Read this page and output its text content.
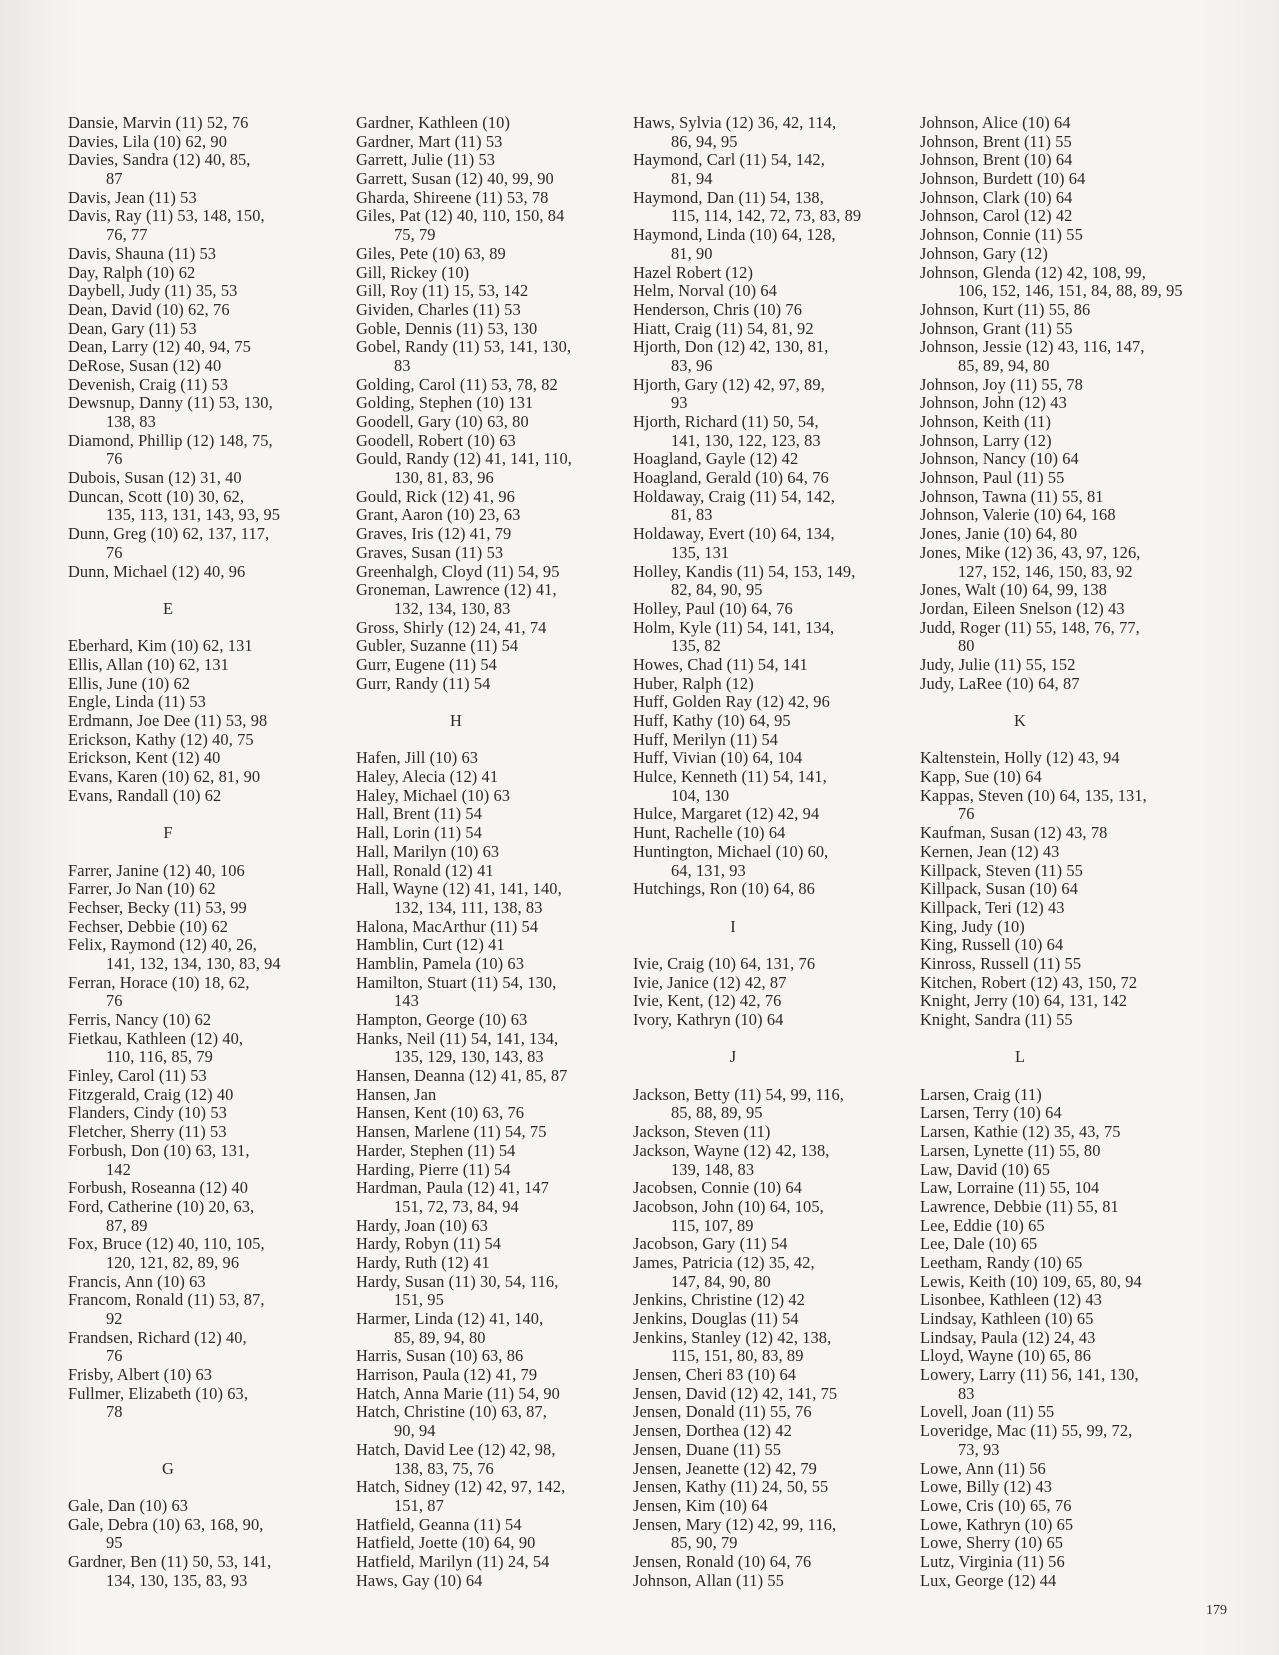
Dansie, Marvin (11) 52, 76
Davies, Lila (10) 62, 90
Davies, Sandra (12) 40, 85,
87
Davis, Jean (11) 53
Davis, Ray (11) 53, 148, 150,
76, 77
Davis, Shauna (11) 53
Day, Ralph (10) 62
Daybell, Judy (11) 35, 53
Dean, David (10) 62, 76
Dean, Gary (11) 53
Dean, Larry (12) 40, 94, 75
DeRose, Susan (12) 40
Devenish, Craig (11) 53
Dewsnup, Danny (11) 53, 130,
138, 83
Diamond, Phillip (12) 148, 75,
76
Dubois, Susan (12) 31, 40
Duncan, Scott (10) 30, 62,
135, 113, 131, 143, 93, 95
Dunn, Greg (10) 62, 137, 117,
76
Dunn, Michael (12) 40, 96
E
Eberhard, Kim (10) 62, 131
Ellis, Allan (10) 62, 131
Ellis, June (10) 62
Engle, Linda (11) 53
Erdmann, Joe Dee (11) 53, 98
Erickson, Kathy (12) 40, 75
Erickson, Kent (12) 40
Evans, Karen (10) 62, 81, 90
Evans, Randall (10) 62
F
Farrer, Janine (12) 40, 106
Farrer, Jo Nan (10) 62
Fechser, Becky (11) 53, 99
Fechser, Debbie (10) 62
Felix, Raymond (12) 40, 26,
141, 132, 134, 130, 83, 94
Ferran, Horace (10) 18, 62,
76
Ferris, Nancy (10) 62
Fietkau, Kathleen (12) 40,
110, 116, 85, 79
Finley, Carol (11) 53
Fitzgerald, Craig (12) 40
Flanders, Cindy (10) 53
Fletcher, Sherry (11) 53
Forbush, Don (10) 63, 131,
142
Forbush, Roseanna (12) 40
Ford, Catherine (10) 20, 63,
87, 89
Fox, Bruce (12) 40, 110, 105,
120, 121, 82, 89, 96
Francis, Ann (10) 63
Francom, Ronald (11) 53, 87,
92
Frandsen, Richard (12) 40,
76
Frisby, Albert (10) 63
Fullmer, Elizabeth (10) 63,
78
G
Gale, Dan (10) 63
Gale, Debra (10) 63, 168, 90,
95
Gardner, Ben (11) 50, 53, 141,
134, 130, 135, 83, 93
Gardner, Kathleen (10)
Gardner, Mart (11) 53
Garrett, Julie (11) 53
Garrett, Susan (12) 40, 99, 90
Gharda, Shireene (11) 53, 78
Giles, Pat (12) 40, 110, 150, 84
75, 79
Giles, Pete (10) 63, 89
Gill, Rickey (10)
Gill, Roy (11) 15, 53, 142
Gividen, Charles (11) 53
Goble, Dennis (11) 53, 130
Gobel, Randy (11) 53, 141, 130,
83
Golding, Carol (11) 53, 78, 82
Golding, Stephen (10) 131
Goodell, Gary (10) 63, 80
Goodell, Robert (10) 63
Gould, Randy (12) 41, 141, 110,
130, 81, 83, 96
Gould, Rick (12) 41, 96
Grant, Aaron (10) 23, 63
Graves, Iris (12) 41, 79
Graves, Susan (11) 53
Greenhalgh, Cloyd (11) 54, 95
Groneman, Lawrence (12) 41,
132, 134, 130, 83
Gross, Shirly (12) 24, 41, 74
Gubler, Suzanne (11) 54
Gurr, Eugene (11) 54
Gurr, Randy (11) 54
H
Hafen, Jill (10) 63
Haley, Alecia (12) 41
Haley, Michael (10) 63
Hall, Brent (11) 54
Hall, Lorin (11) 54
Hall, Marilyn (10) 63
Hall, Ronald (12) 41
Hall, Wayne (12) 41, 141, 140,
132, 134, 111, 138, 83
Halona, MacArthur (11) 54
Hamblin, Curt (12) 41
Hamblin, Pamela (10) 63
Hamilton, Stuart (11) 54, 130,
143
Hampton, George (10) 63
Hanks, Neil (11) 54, 141, 134,
135, 129, 130, 143, 83
Hansen, Deanna (12) 41, 85, 87
Hansen, Jan
Hansen, Kent (10) 63, 76
Hansen, Marlene (11) 54, 75
Harder, Stephen (11) 54
Harding, Pierre (11) 54
Hardman, Paula (12) 41, 147
151, 72, 73, 84, 94
Hardy, Joan (10) 63
Hardy, Robyn (11) 54
Hardy, Ruth (12) 41
Hardy, Susan (11) 30, 54, 116,
151, 95
Harmer, Linda (12) 41, 140,
85, 89, 94, 80
Harris, Susan (10) 63, 86
Harrison, Paula (12) 41, 79
Hatch, Anna Marie (11) 54, 90
Hatch, Christine (10) 63, 87,
90, 94
Hatch, David Lee (12) 42, 98,
138, 83, 75, 76
Hatch, Sidney (12) 42, 97, 142,
151, 87
Hatfield, Geanna (11) 54
Hatfield, Joette (10) 64, 90
Hatfield, Marilyn (11) 24, 54
Haws, Gay (10) 64
Haws, Sylvia (12) 36, 42, 114,
86, 94, 95
Haymond, Carl (11) 54, 142,
81, 94
Haymond, Dan (11) 54, 138,
115, 114, 142, 72, 73, 83, 89
Haymond, Linda (10) 64, 128,
81, 90
Hazel Robert (12)
Helm, Norval (10) 64
Henderson, Chris (10) 76
Hiatt, Craig (11) 54, 81, 92
Hjorth, Don (12) 42, 130, 81,
83, 96
Hjorth, Gary (12) 42, 97, 89,
93
Hjorth, Richard (11) 50, 54,
141, 130, 122, 123, 83
Hoagland, Gayle (12) 42
Hoagland, Gerald (10) 64, 76
Holdaway, Craig (11) 54, 142,
81, 83
Holdaway, Evert (10) 64, 134,
135, 131
Holley, Kandis (11) 54, 153, 149,
82, 84, 90, 95
Holley, Paul (10) 64, 76
Holm, Kyle (11) 54, 141, 134,
135, 82
Howes, Chad (11) 54, 141
Huber, Ralph (12)
Huff, Golden Ray (12) 42, 96
Huff, Kathy (10) 64, 95
Huff, Merilyn (11) 54
Huff, Vivian (10) 64, 104
Hulce, Kenneth (11) 54, 141,
104, 130
Hulce, Margaret (12) 42, 94
Hunt, Rachelle (10) 64
Huntington, Michael (10) 60,
64, 131, 93
Hutchings, Ron (10) 64, 86
I
Ivie, Craig (10) 64, 131, 76
Ivie, Janice (12) 42, 87
Ivie, Kent, (12) 42, 76
Ivory, Kathryn (10) 64
J
Jackson, Betty (11) 54, 99, 116,
85, 88, 89, 95
Jackson, Steven (11)
Jackson, Wayne (12) 42, 138,
139, 148, 83
Jacobsen, Connie (10) 64
Jacobson, John (10) 64, 105,
115, 107, 89
Jacobson, Gary (11) 54
James, Patricia (12) 35, 42,
147, 84, 90, 80
Jenkins, Christine (12) 42
Jenkins, Douglas (11) 54
Jenkins, Stanley (12) 42, 138,
115, 151, 80, 83, 89
Jensen, Cheri 83 (10) 64
Jensen, David (12) 42, 141, 75
Jensen, Donald (11) 55, 76
Jensen, Dorthea (12) 42
Jensen, Duane (11) 55
Jensen, Jeanette (12) 42, 79
Jensen, Kathy (11) 24, 50, 55
Jensen, Kim (10) 64
Jensen, Mary (12) 42, 99, 116,
85, 90, 79
Jensen, Ronald (10) 64, 76
Johnson, Allan (11) 55
Johnson, Alice (10) 64
Johnson, Brent (11) 55
Johnson, Brent (10) 64
Johnson, Burdett (10) 64
Johnson, Clark (10) 64
Johnson, Carol (12) 42
Johnson, Connie (11) 55
Johnson, Gary (12)
Johnson, Glenda (12) 42, 108, 99,
106, 152, 146, 151, 84, 88, 89, 95
Johnson, Kurt (11) 55, 86
Johnson, Grant (11) 55
Johnson, Jessie (12) 43, 116, 147,
85, 89, 94, 80
Johnson, Joy (11) 55, 78
Johnson, John (12) 43
Johnson, Keith (11)
Johnson, Larry (12)
Johnson, Nancy (10) 64
Johnson, Paul (11) 55
Johnson, Tawna (11) 55, 81
Johnson, Valerie (10) 64, 168
Jones, Janie (10) 64, 80
Jones, Mike (12) 36, 43, 97, 126,
127, 152, 146, 150, 83, 92
Jones, Walt (10) 64, 99, 138
Jordan, Eileen Snelson (12) 43
Judd, Roger (11) 55, 148, 76, 77,
80
Judy, Julie (11) 55, 152
Judy, LaRee (10) 64, 87
K
Kaltenstein, Holly (12) 43, 94
Kapp, Sue (10) 64
Kappas, Steven (10) 64, 135, 131,
76
Kaufman, Susan (12) 43, 78
Kernen, Jean (12) 43
Killpack, Steven (11) 55
Killpack, Susan (10) 64
Killpack, Teri (12) 43
King, Judy (10)
King, Russell (10) 64
Kinross, Russell (11) 55
Kitchen, Robert (12) 43, 150, 72
Knight, Jerry (10) 64, 131, 142
Knight, Sandra (11) 55
L
Larsen, Craig (11)
Larsen, Terry (10) 64
Larsen, Kathie (12) 35, 43, 75
Larsen, Lynette (11) 55, 80
Law, David (10) 65
Law, Lorraine (11) 55, 104
Lawrence, Debbie (11) 55, 81
Lee, Eddie (10) 65
Lee, Dale (10) 65
Leetham, Randy (10) 65
Lewis, Keith (10) 109, 65, 80, 94
Lisonbee, Kathleen (12) 43
Lindsay, Kathleen (10) 65
Lindsay, Paula (12) 24, 43
Lloyd, Wayne (10) 65, 86
Lowery, Larry (11) 56, 141, 130,
83
Lovell, Joan (11) 55
Loveridge, Mac (11) 55, 99, 72,
73, 93
Lowe, Ann (11) 56
Lowe, Billy (12) 43
Lowe, Cris (10) 65, 76
Lowe, Kathryn (10) 65
Lowe, Sherry (10) 65
Lutz, Virginia (11) 56
Lux, George (12) 44
179
